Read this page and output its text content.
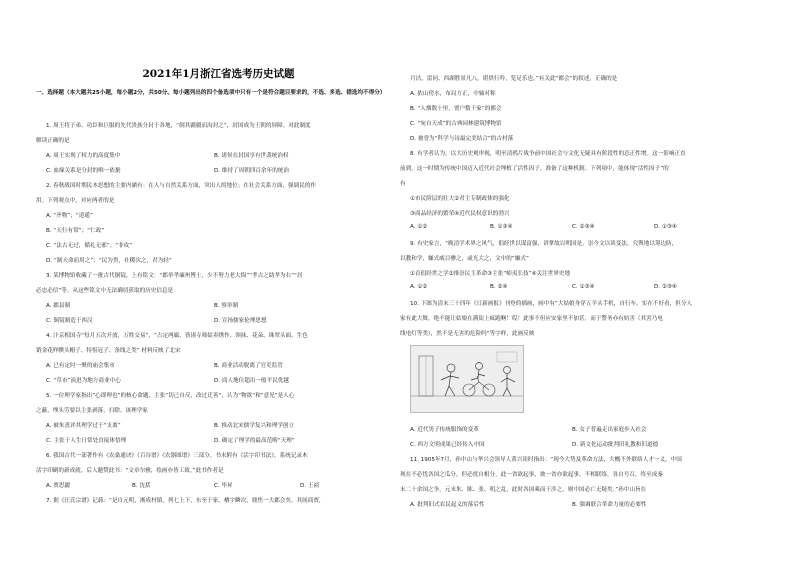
2021年1月浙江省选考历史试题
一、选择题（本大题共25小题，每小题2分，共50分。每小题列出的四个备选项中只有一个是符合题目要求的，不选、多选、错选均不得分）
1. 周王将子弟、功臣和巨服的先代贵族分封于各地，“制其疆疆而沟封之”，封国成为王朝的屏障。对此制度
解读正确的是
A. 周王实现了权力的高度集中	B. 诸侯在封国享有世袭统治权
C. 血缘关系是分封的唯一依据	D. 维持了周朝四百余年的统治
2. 春秋战国时期民本思想的主要内涵有：在人与自然关系方面，突出人的地位；在社会关系方面，强调民的作
用。下列观点中，对应两者的是
A. “齐物”；“逍遥”
B. “天行有常”；“仁政”
C. “法古无过，循礼无邪”；“非攻”
D. “制天命而用之”；“民为贵，社稷次之，君为轻”
3. 某博物馆收藏了一批古代铜镜，上有铭文：“郡举孝廉州博士，少不努力老大悔”“孝吉之助孝为右”“居
必忠必信”等。从这些铭文中无法确切获取的历史信息是
A. 郡县制	B. 察举制
C. 铜镜制造于西汉	D. 宣扬儒家伦理思想
4. 汴京相国寺“每月五次开放，万姓交易”，“占定两廊，皆诸寺师姑卖绣作、领抹、花朵、珠翠头面、生色
销金花样幞头帽子、特髻冠子、条线之类” 材料反映了北宋
A. 已有定时一聚的庙会集市	B. 商业活动脱离了官吏监管
C. “草市”演进为地方商业中心	D. 商人地位超出一般平民优越
5. 一位理学家指出“心即理也”的核心命题，主张“切己自反，改过迁善”，认为“物欲”和“意见”是人心
之蔽，埋头劳要以主张剥落、扫除。该理学家
A. 被朱熹评其理学过于“支离”	B. 推动北宋儒学复兴和理学创立
C. 主张于人生日常处直接体悟理	D. 确定了理学的最高范畴“天理”
6. 我国古代一部著作有《农桑通诀》《百谷谱》《农器图谱》三部分。书末附有《活字印书法》，系统记录木
活字印刷的新成就。后人题赞此书：“文章尔雅，绘画亦皆工致。”此书作者是
A. 贾思勰	B. 沈括	C. 毕昇	D. 王祯
7. 据《汪氏宗谱》记载：“是自元明，淅成村镇，列七上下，东至于家，栖宇鳞次，鼎焦一大郡会矣。其间商贾，
月沽，雷同、西湖胜景凡八，堪供行吟，览足乐也。”有关此“都会”的叙述，正确的是
A. 依山傍水，布局方正，中轴对称
B. “人烟数十里，贾户数千家”的都会
C. “宛自天成”的古典园林建筑博物馆
D. 被誉为“科学与诗最完美结合”的古村落
8. 有学者认为，以大历史观审视，明至清鸦片战争前中国社会与文化无疑具有阶段性的总正性增。这一影响正直
前到，这一时期为传统中国迈入近代社会埋植了活性因子，准备了这种机制。下列项中，能体现“活性因子”的
有
①市民阶层的壮大②君主专制政体的强化
③商品经济的繁荣④近代民权意识的勃兴
A. ①②	B. ①③④	C. ②③④	D. ①③④
9. 有史家言，“晚清学术界之风气，倡经世以谋富强，讲掌故以明国是，崇今文以谈变法，究舆地以筹边防，
以教和学，嫌式威目骖之，或光大之，文中的“嫌式”
①首倡经世之学②推崇民主革命③主张“师夷长技”④关注世界史地
A. ①②	B. ②④	C. ①③④	D. ②③④
10. 下图为清末三十四年《日新画报》刊登的插画，画中有“大姑娘身穿五羊头手机，自行车，实在不好看，但分人
家有此大舞，绝不能让姑娘在满街上疯跑啊！哎！此事不但应安家里不加甚，而于警务亦有妨害（其害乃电
线电灯等类），然不是无害的危险吗”等字样，此画反映
A. 近代男子传统服饰的变革	B. 女子普遍走出家庭步入社会
C. 西方文明成果已经传入中国	D. 新文化运动批判旧礼教和旧道德
11. 1905年7月，孙中山与华兴会领导人黄兴谈时指出：“现今大势及革命方法，大概不外联络人才一义。中国
现在不必忧各国之瓜分，但必忧自相分，此一省欲起事，彼一省亦欲起事，不相联络，各自号召，终至成秦
末二十余国之争，元末朱、陈、张、明之乱，此时各国乘而干涉之，则中国必亡无疑矣。”孙中山旨在
A. 批判旧式农民起义的落后性	B. 强调联合革命力量的必要性
